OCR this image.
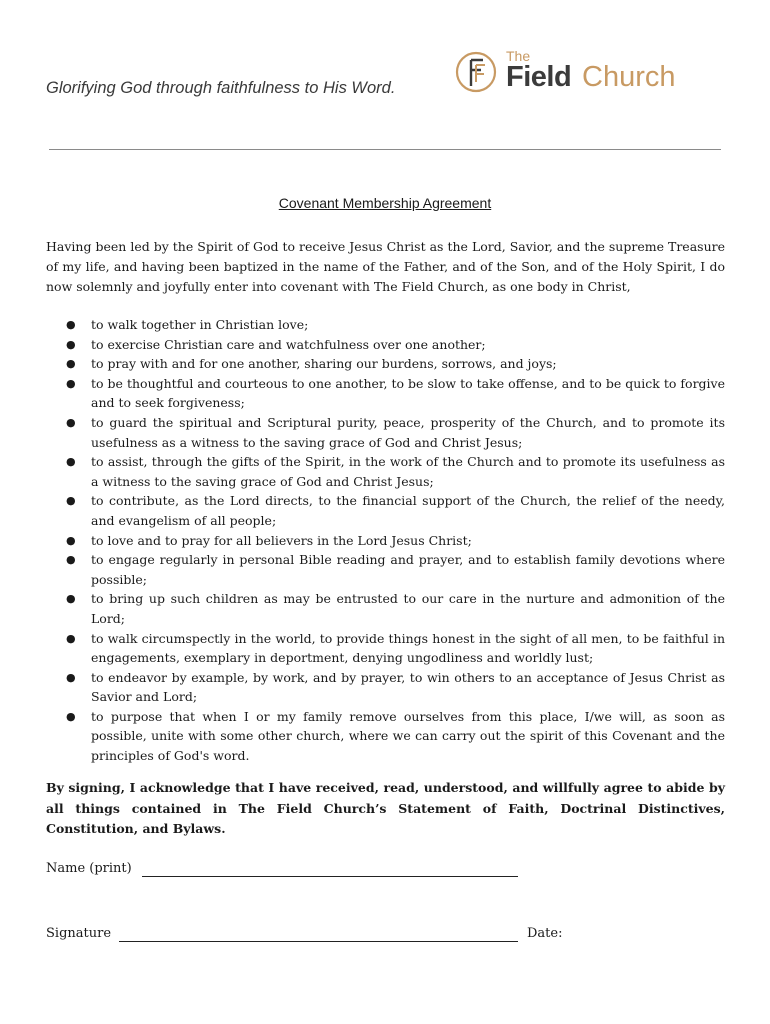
Glorifying God through faithfulness to His Word.
The
Field Church
Covenant Membership Agreement

Having been led by the Spirit of God to receive Jesus Christ as the Lord, Savior, and the supreme Treasure of my life, and having been baptized in the name of the Father, and of the Son, and of the Holy Spirit, I do now solemnly and joyfully enter into covenant with The Field Church, as one body in Christ,

● to walk together in Christian love;
● to exercise Christian care and watchfulness over one another;
● to pray with and for one another, sharing our burdens, sorrows, and joys;
● to be thoughtful and courteous to one another, to be slow to take offense, and to be quick to forgive and to seek forgiveness;
● to guard the spiritual and Scriptural purity, peace, prosperity of the Church, and to promote its usefulness as a witness to the saving grace of God and Christ Jesus;
● to assist, through the gifts of the Spirit, in the work of the Church and to promote its usefulness as a witness to the saving grace of God and Christ Jesus;
● to contribute, as the Lord directs, to the financial support of the Church, the relief of the needy, and evangelism of all people;
● to love and to pray for all believers in the Lord Jesus Christ;
● to engage regularly in personal Bible reading and prayer, and to establish family devotions where possible;
● to bring up such children as may be entrusted to our care in the nurture and admonition of the Lord;
● to walk circumspectly in the world, to provide things honest in the sight of all men, to be faithful in engagements, exemplary in deportment, denying ungodliness and worldly lust;
● to endeavor by example, by work, and by prayer, to win others to an acceptance of Jesus Christ as Savior and Lord;
● to purpose that when I or my family remove ourselves from this place, I/we will, as soon as possible, unite with some other church, where we can carry out the spirit of this Covenant and the principles of God's word.

By signing, I acknowledge that I have received, read, understood, and willfully agree to abide by all things contained in The Field Church’s Statement of Faith, Doctrinal Distinctives, Constitution, and Bylaws.

Name (print)
Signature	Date:
